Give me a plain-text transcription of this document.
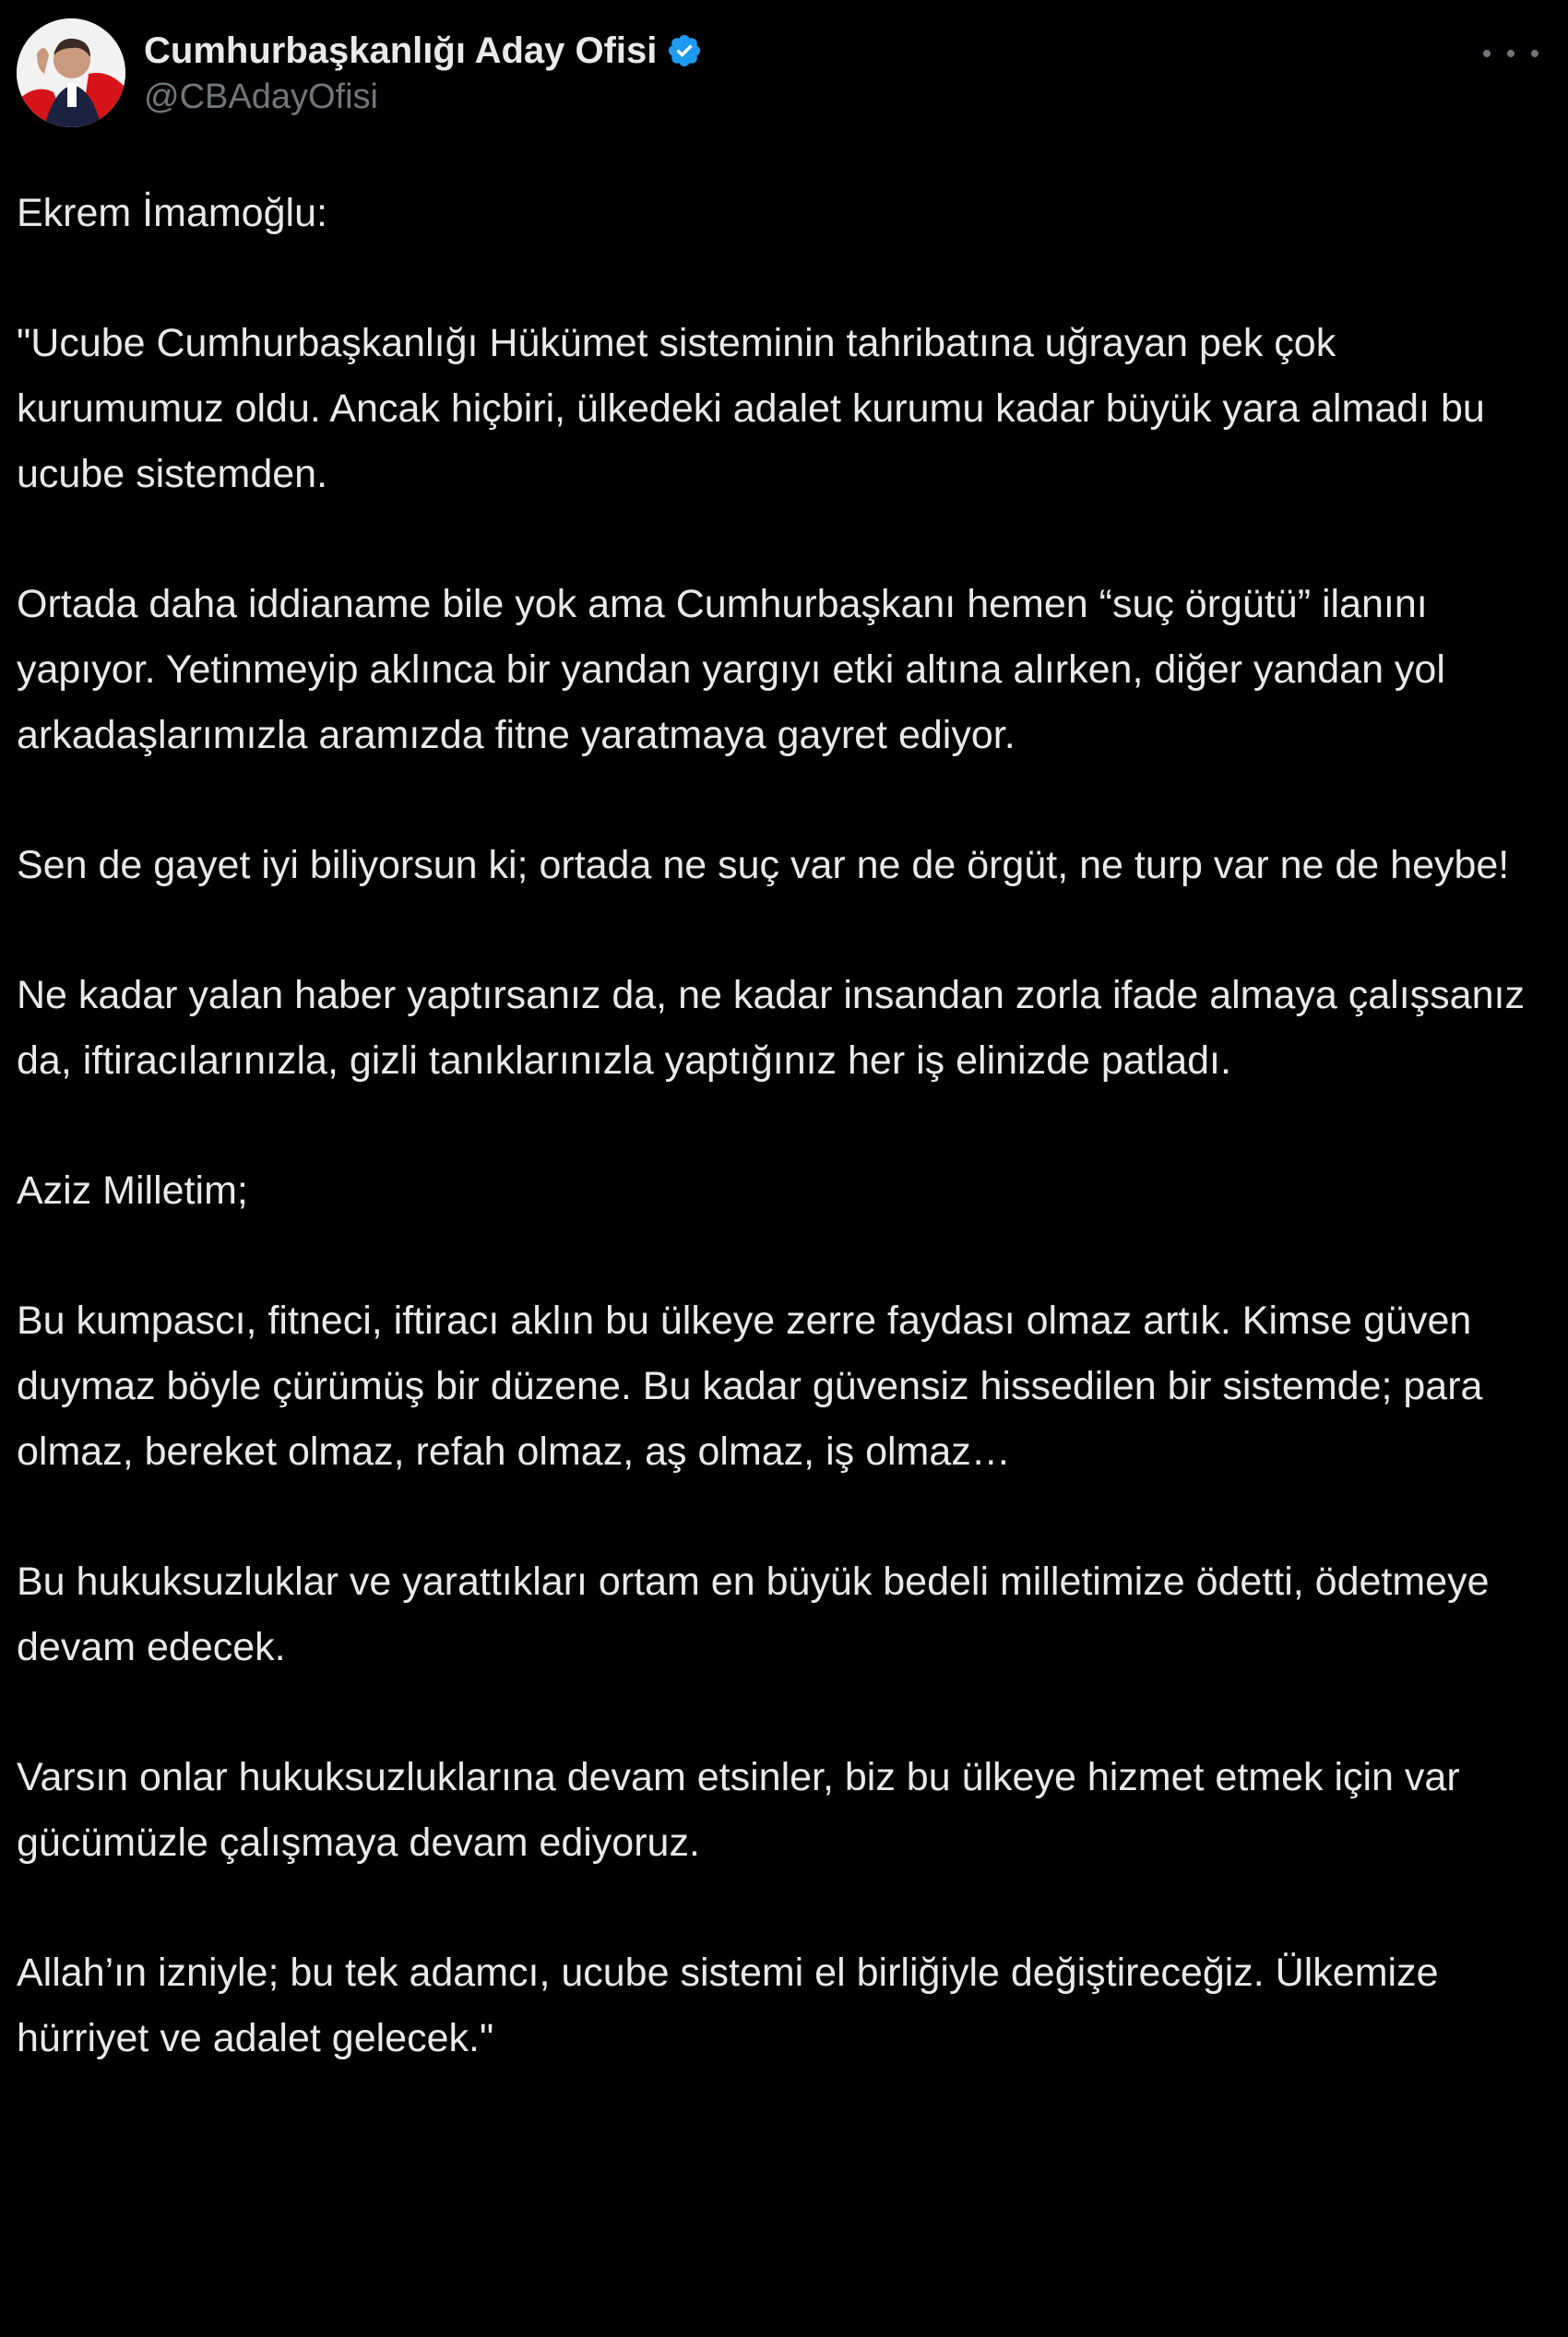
Cumhurbaşkanlığı Aday Ofisi
@CBAdayOfisi

Ekrem İmamoğlu:

"Ucube Cumhurbaşkanlığı Hükümet sisteminin tahribatına uğrayan pek çok kurumumuz oldu. Ancak hiçbiri, ülkedeki adalet kurumu kadar büyük yara almadı bu ucube sistemden.

Ortada daha iddianame bile yok ama Cumhurbaşkanı hemen “suç örgütü” ilanını yapıyor. Yetinmeyip aklınca bir yandan yargıyı etki altına alırken, diğer yandan yol arkadaşlarımızla aramızda fitne yaratmaya gayret ediyor.

Sen de gayet iyi biliyorsun ki; ortada ne suç var ne de örgüt, ne turp var ne de heybe!

Ne kadar yalan haber yaptırsanız da, ne kadar insandan zorla ifade almaya çalışsanız da, iftiracılarınızla, gizli tanıklarınızla yaptığınız her iş elinizde patladı.

Aziz Milletim;

Bu kumpascı, fitneci, iftiracı aklın bu ülkeye zerre faydası olmaz artık. Kimse güven duymaz böyle çürümüş bir düzene. Bu kadar güvensiz hissedilen bir sistemde; para olmaz, bereket olmaz, refah olmaz, aş olmaz, iş olmaz…

Bu hukuksuzluklar ve yarattıkları ortam en büyük bedeli milletimize ödetti, ödetmeye devam edecek.

Varsın onlar hukuksuzluklarına devam etsinler, biz bu ülkeye hizmet etmek için var gücümüzle çalışmaya devam ediyoruz.

Allah’ın izniyle; bu tek adamcı, ucube sistemi el birliğiyle değiştireceğiz. Ülkemize hürriyet ve adalet gelecek."
